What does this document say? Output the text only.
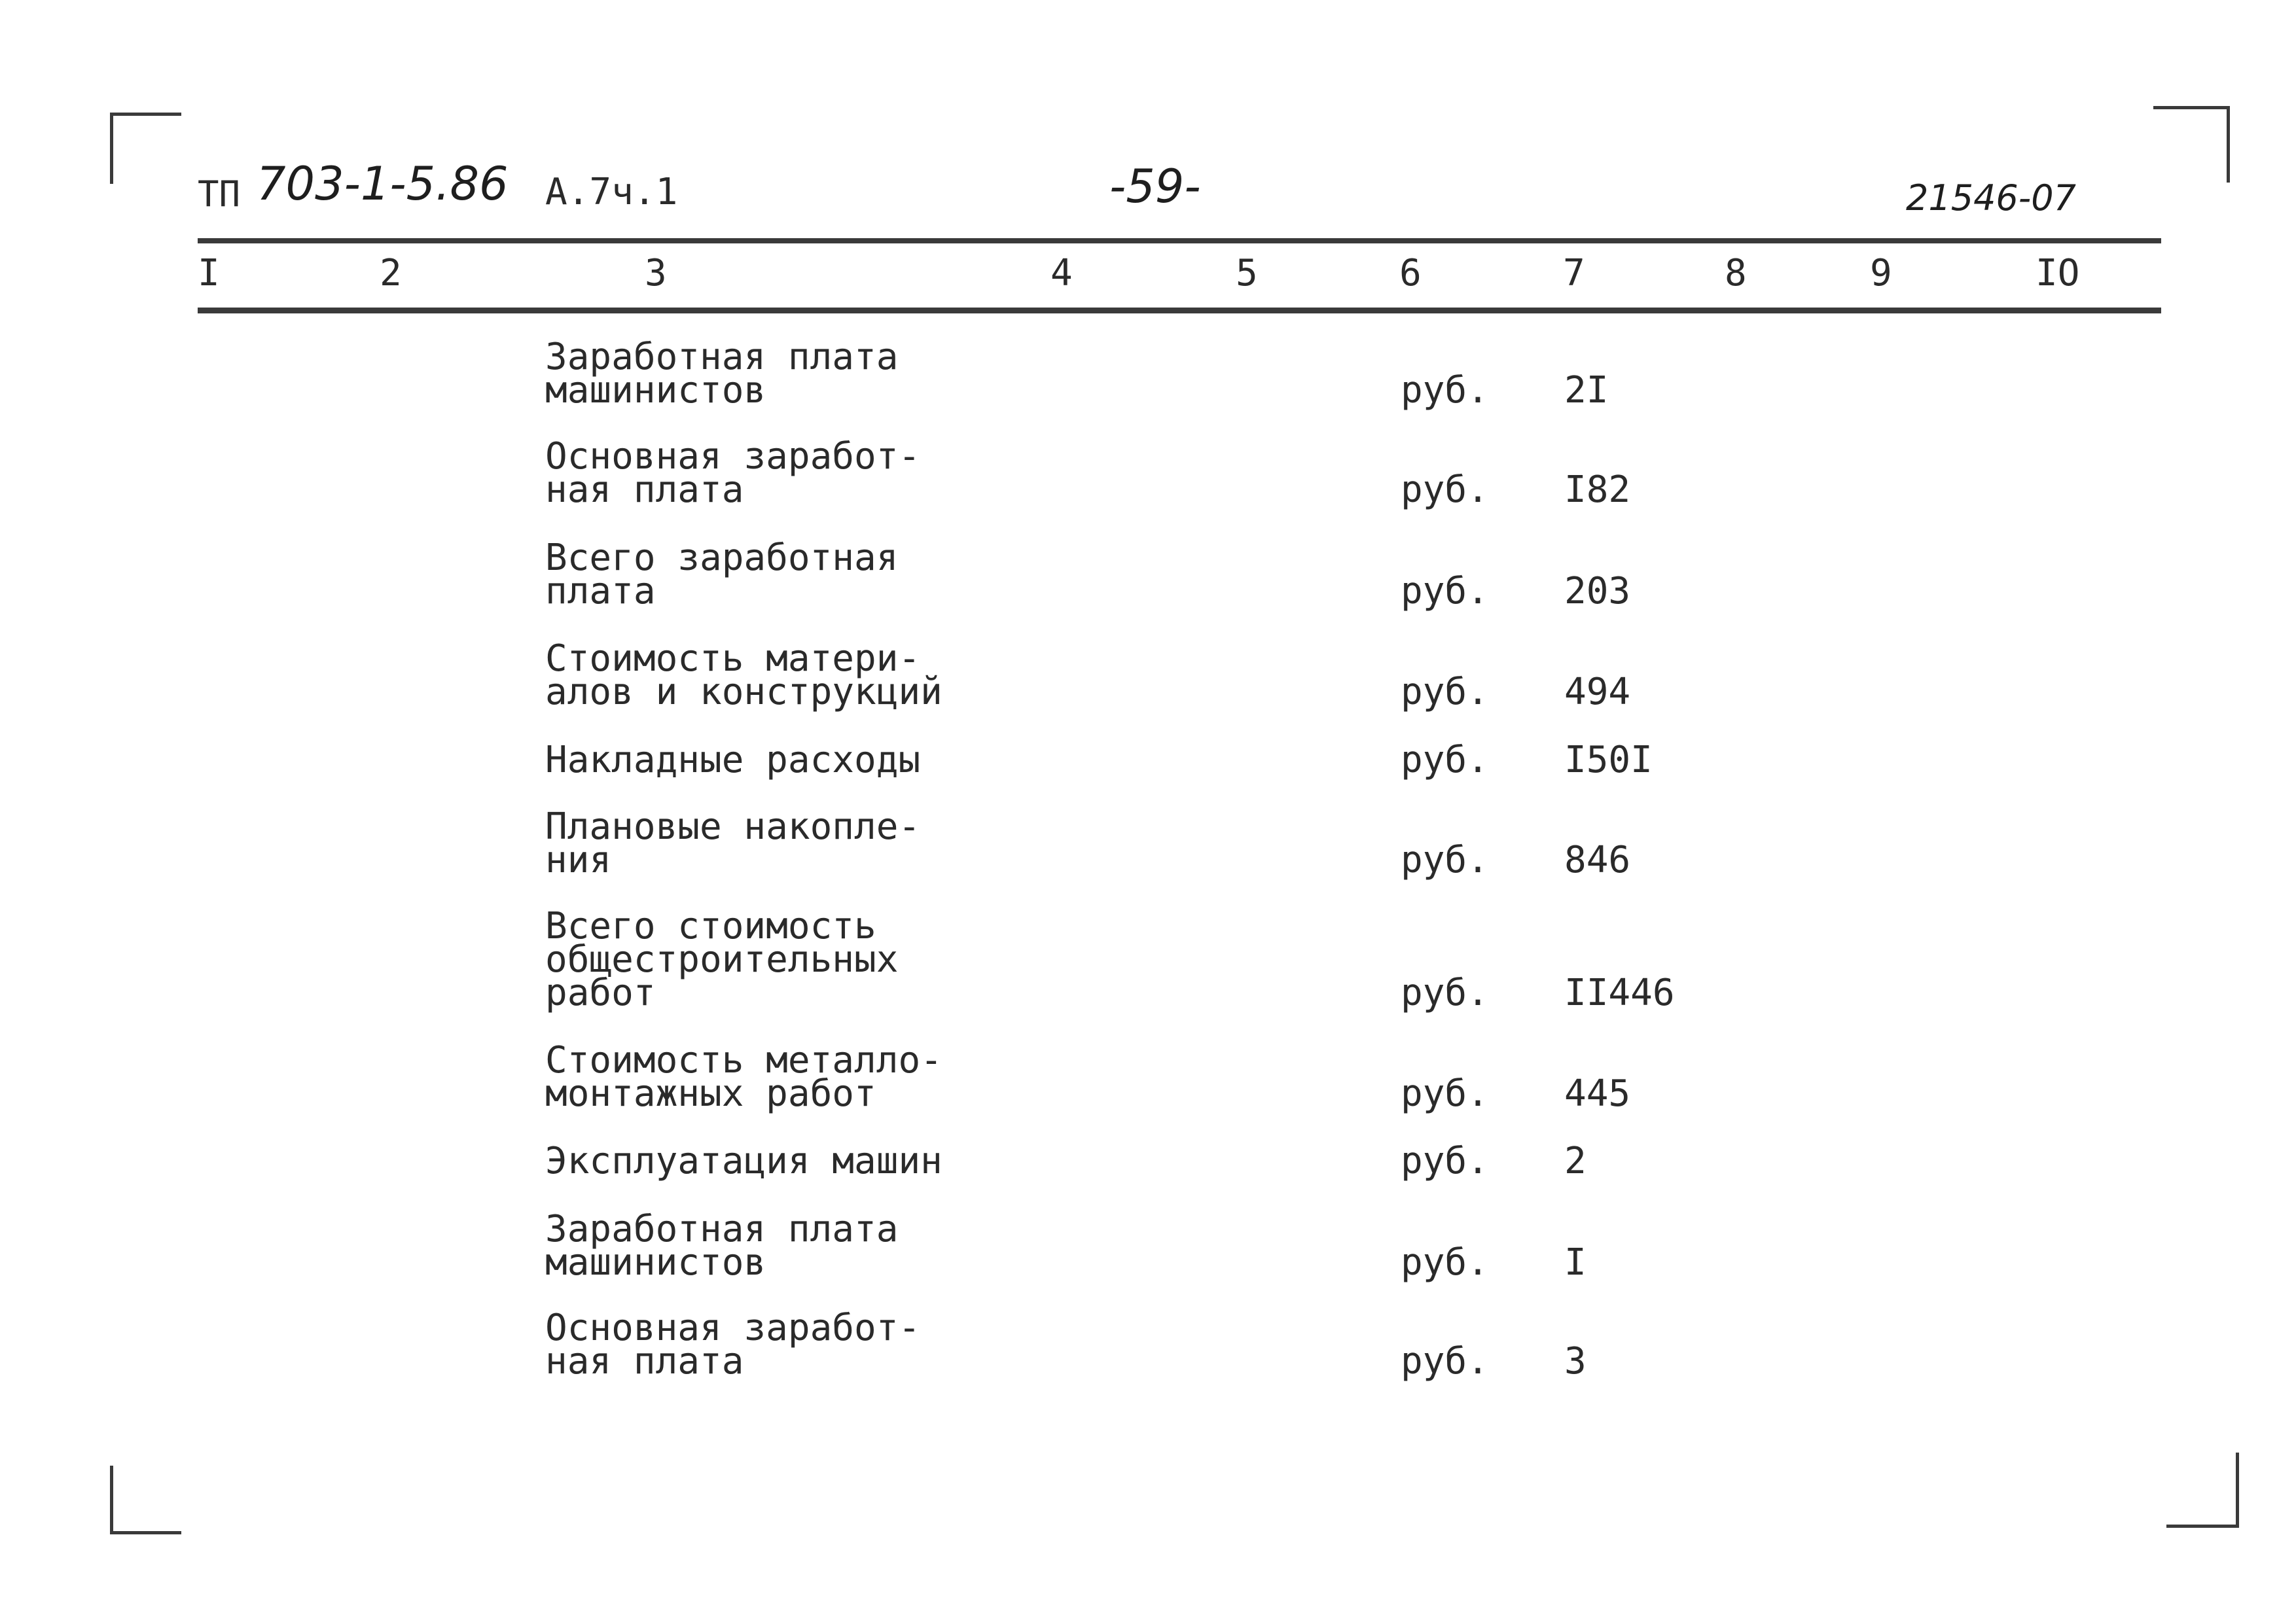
ТП 703-1-5.86 А.7ч.1	-59-	21546-07
I	2	3	4	5	6	7	8	9	IO
Заработная плата
машинистов	руб. 2I
Основная заработ-
ная плата	руб. I82
Всего заработная
плата	руб. 203
Стоимость матери-
алов и конструкций	руб. 494
Накладные расходы	руб. I50I
Плановые накопле-
ния	руб. 846
Всего стоимость
общестроительных
работ	руб. II446
Стоимость металло-
монтажных работ	руб. 445
Эксплуатация машин	руб. 2
Заработная плата
машинистов	руб. I
Основная заработ-
ная плата	руб. 3
